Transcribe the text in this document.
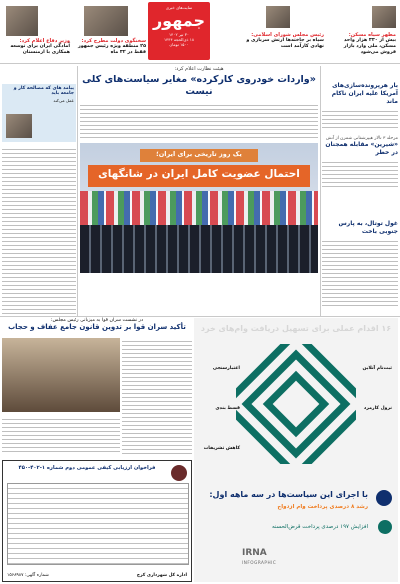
مطهر سیاه مسکن:
بیش از ۳۴۰ هزار واحد مسکن، ملی وارد بازار فروش می‌شود
رئیس مجلس شورای اسلامی:
سیاه بر جاخته‌ها ارتش سربازی و نهادی کارآمد است
سایت‌های خبری
جمهور
۳۰ تیر ۱۴۰۲
۱۸ ذی‌الحجه ۱۴۴۴
۱۵۰۰ تومان
سخنگوی دولت مطرح کرد:
۲۵ منطقه ویژه رئیس جمهور فقط در ۳۲ ماه
وزیر دفاع اعلام کرد:
آمادگی ایران برای توسعه همکاری با ارمنستان
پیامد های که مصالحه کار و جامعه باید
عمل می‌کند
هیئت نظارت اعلام کرد:
«واردات خودروی کارکرده» مغایر سیاست‌های کلی نیست
یک روز تاریخی برای ایران؛
احتمال عضویت کامل ایران در شانگهای
بار هرپرونده‌سازی‌های آمریکا علیه ایران ناکام ماند
مرحله ۳ تالار هیپرشفانی شمرن از آتش
«شیرین» مقابله همجنان در خطر
غول توتال، به پارس جنوبی باخت
در نشست سران قوا به میزبانی رئیس مجلس:
تأکید سران قوا بر تدوین قانون جامع عفاف و حجاب
فراخوان ارزیابی کیفی عمومی دوم شماره ۱-۴۰۲-۴۵۰
شماره آگهی: ۱۵۶۸۹۸۷	اداره کل شهرداری کرج
۱۶ اقدام عملی برای تسهیل دریافت وام‌های خرد
ثبت‌نام آنلاین
نزول کارمزد
اعتبارسنجی
قسط بندی
کاهش تشریفات
با اجرای این سیاست‌ها در سه ماهه اول:
رشد ۸ درصدی پرداخت وام ازدواج
افزایش ۱۹۷ درصدی پرداخت قرض‌الحسنه
IRNA
INFOGRAPHIC
